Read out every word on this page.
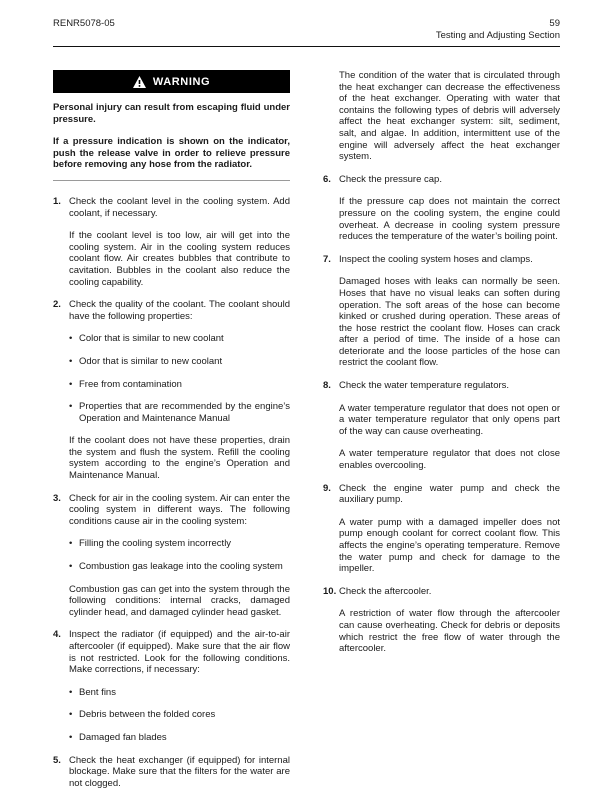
RENR5078-05	59
Testing and Adjusting Section
WARNING

Personal injury can result from escaping fluid under pressure.

If a pressure indication is shown on the indicator, push the release valve in order to relieve pressure before removing any hose from the radiator.

1. Check the coolant level in the cooling system. Add coolant, if necessary.

If the coolant level is too low, air will get into the cooling system. Air in the cooling system reduces coolant flow. Air creates bubbles that contribute to cavitation. Bubbles in the coolant also reduce the cooling capability.

2. Check the quality of the coolant. The coolant should have the following properties:

• Color that is similar to new coolant
• Odor that is similar to new coolant
• Free from contamination
• Properties that are recommended by the engine’s Operation and Maintenance Manual

If the coolant does not have these properties, drain the system and flush the system. Refill the cooling system according to the engine’s Operation and Maintenance Manual.

3. Check for air in the cooling system. Air can enter the cooling system in different ways. The following conditions cause air in the cooling system:

• Filling the cooling system incorrectly
• Combustion gas leakage into the cooling system

Combustion gas can get into the system through the following conditions: internal cracks, damaged cylinder head, and damaged cylinder head gasket.

4. Inspect the radiator (if equipped) and the air-to-air aftercooler (if equipped). Make sure that the air flow is not restricted. Look for the following conditions. Make corrections, if necessary:

• Bent fins
• Debris between the folded cores
• Damaged fan blades
5. Check the heat exchanger (if equipped) for internal blockage. Make sure that the filters for the water are not clogged.

The condition of the water that is circulated through the heat exchanger can decrease the effectiveness of the heat exchanger. Operating with water that contains the following types of debris will adversely affect the heat exchanger system: silt, sediment, salt, and algae. In addition, intermittent use of the engine will adversely affect the heat exchanger system.

6. Check the pressure cap.

If the pressure cap does not maintain the correct pressure on the cooling system, the engine could overheat. A decrease in cooling system pressure reduces the temperature of the water’s boiling point.

7. Inspect the cooling system hoses and clamps.

Damaged hoses with leaks can normally be seen. Hoses that have no visual leaks can soften during operation. The soft areas of the hose can become kinked or crushed during operation. These areas of the hose restrict the coolant flow. Hoses can crack after a period of time. The inside of a hose can deteriorate and the loose particles of the hose can restrict the coolant flow.

8. Check the water temperature regulators.

A water temperature regulator that does not open or a water temperature regulator that only opens part of the way can cause overheating.

A water temperature regulator that does not close enables overcooling.

9. Check the engine water pump and check the auxiliary pump.

A water pump with a damaged impeller does not pump enough coolant for correct coolant flow. This affects the engine’s operating temperature. Remove the water pump and check for damage to the impeller.

10. Check the aftercooler.

A restriction of water flow through the aftercooler can cause overheating. Check for debris or deposits which restrict the free flow of water through the aftercooler.
